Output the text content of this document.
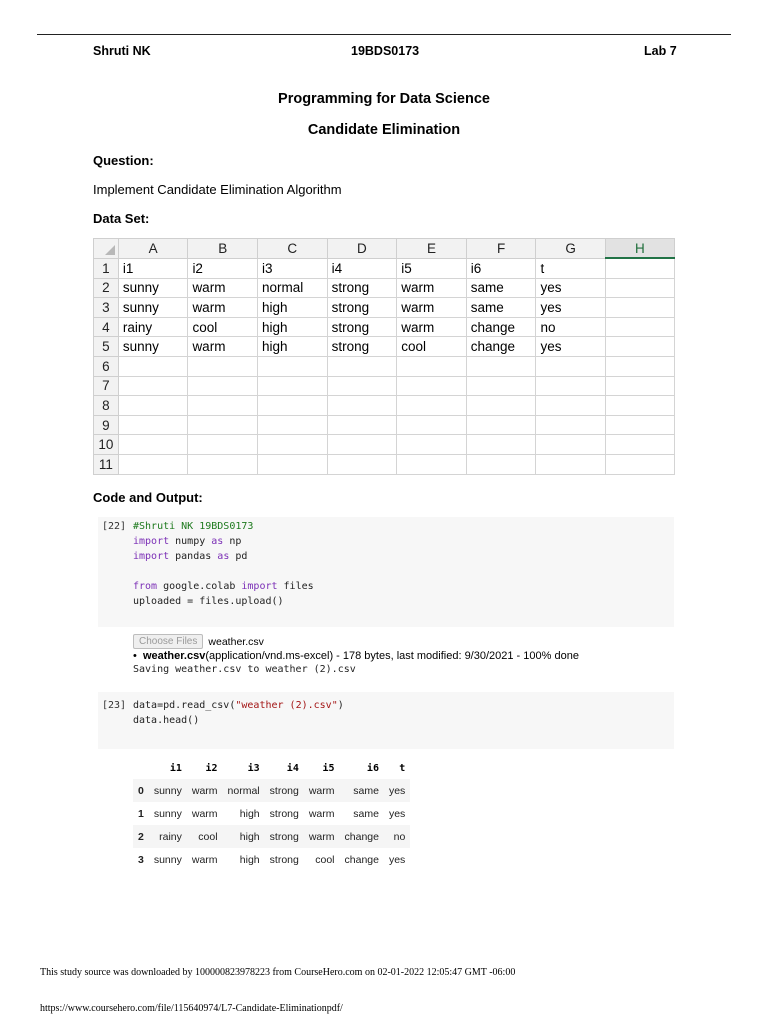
Shruti NK	19BDS0173	Lab 7
Programming for Data Science
Candidate Elimination
Question:
Implement Candidate Elimination Algorithm
Data Set:
	A	B	C	D	E	F	G	H
1	i1	i2	i3	i4	i5	i6	t	
2	sunny	warm	normal	strong	warm	same	yes	
3	sunny	warm	high	strong	warm	same	yes	
4	rainy	cool	high	strong	warm	change	no	
5	sunny	warm	high	strong	cool	change	yes	
6								
7								
8								
9								
10								
11								
Code and Output:
[22] #Shruti NK 19BDS0173
import numpy as np
import pandas as pd

from google.colab import files
uploaded = files.upload()
Choose Files weather.csv
•  weather.csv(application/vnd.ms-excel) - 178 bytes, last modified: 9/30/2021 - 100% done
Saving weather.csv to weather (2).csv
[23] data=pd.read_csv("weather (2).csv")
data.head()
	i1	i2	i3	i4	i5	i6	t
0	sunny	warm	normal	strong	warm	same	yes
1	sunny	warm	high	strong	warm	same	yes
2	rainy	cool	high	strong	warm	change	no
3	sunny	warm	high	strong	cool	change	yes
This study source was downloaded by 100000823978223 from CourseHero.com on 02-01-2022 12:05:47 GMT -06:00
https://www.coursehero.com/file/115640974/L7-Candidate-Eliminationpdf/
